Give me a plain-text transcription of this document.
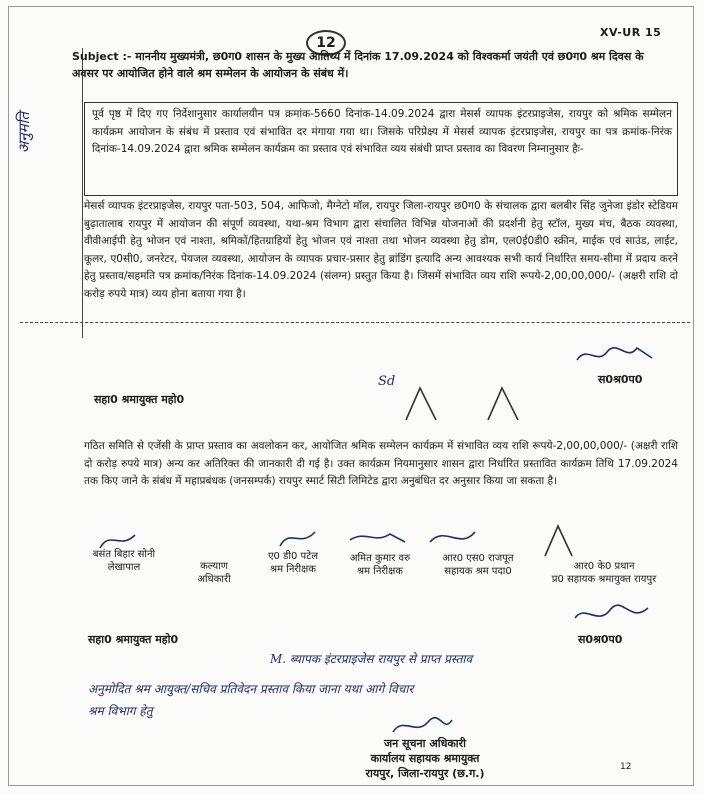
XV-UR 15
12
Subject :- माननीय मुख्यमंत्री, छ0ग0 शासन के मुख्य आतिथ्य में दिनांक 17.09.2024 को विश्वकर्मा जयंती एवं छ0ग0 श्रम दिवस के अवसर पर आयोजित होने वाले श्रम सम्मेलन के आयोजन के संबंध में।
अनुमति	पूर्व पृष्ठ में दिए गए निर्देशानुसार कार्यालयीन पत्र क्रमांक-5660 दिनांक-14.09.2024 द्वारा मेसर्स व्यापक इंटरप्राइजेस, रायपुर को श्रमिक सम्मेलन कार्यक्रम आयोजन के संबंध में प्रस्ताव एवं संभावित दर मंगाया गया था। जिसके परिप्रेक्ष्य में मेसर्स व्यापक इंटरप्राइजेस, रायपुर का पत्र क्रमांक-निरंक दिनांक-14.09.2024 द्वारा श्रमिक सम्मेलन कार्यक्रम का प्रस्ताव एवं संभावित व्यय संबंधी प्राप्त प्रस्ताव का विवरण निम्नानुसार हैः-
मेसर्स व्यापक इंटरप्राइजेस, रायपुर पता-503, 504, आफिजो, मैग्नेटो मॉल, रायपुर जिला-रायपुर छ0ग0 के संचालक द्वारा बलबीर सिंह जुनेजा इंडोर स्टेडियम बुढ़ातालाब रायपुर में आयोजन की संपूर्ण व्यवस्था, यथा-श्रम विभाग द्वारा संचालित विभिन्न योजनाओं की प्रदर्शनी हेतु स्टॉल, मुख्य मंच, बैठक व्यवस्था, वीवीआईपी हेतु भोजन एवं नाश्ता, श्रमिकों/हितग्राहियों हेतु भोजन एवं नाश्ता तथा भोजन व्यवस्था हेतु डोम, एल0ई0डी0 स्क्रीन, माईक एवं साउंड, लाईट, कूलर, ए0सी0, जनरेटर, पेयजल व्यवस्था, आयोजन के व्यापक प्रचार-प्रसार हेतु ब्रांडिंग इत्यादि अन्य आवश्यक सभी कार्य निर्धारित समय-सीमा में प्रदाय करने हेतु प्रस्ताव/सहमति पत्र क्रमांक/निरंक दिनांक-14.09.2024 (संलग्न) प्रस्तुत किया है। जिसमें संभावित व्यय राशि रूपये-2,00,00,000/- (अक्षरी राशि दो करोड़ रुपये मात्र) व्यय होना बताया गया है।
Sd	स0श्र0प0
सहा0 श्रमायुक्त महो0
गठित समिति से एजेंसी के प्राप्त प्रस्ताव का अवलोकन कर, आयोजित श्रमिक सम्मेलन कार्यक्रम में संभावित व्यय राशि रूपये-2,00,00,000/- (अक्षरी राशि दो करोड़ रुपये मात्र) अन्य कर अतिरिक्त की जानकारी दी गई है। उक्त कार्यक्रम नियमानुसार शासन द्वारा निर्धारित प्रस्तावित कार्यक्रम तिथि 17.09.2024 तक किए जाने के संबंध में महाप्रबंधक (जनसम्पर्क) रायपुर स्मार्ट सिटी लिमिटेड द्वारा अनुबंधित दर अनुसार किया जा सकता है।
बसंत बिहार सोनी
लेखापाल	कल्याण
अधिकारी
ए0 डी0 पटेल
श्रम निरीक्षक
अमित कुमार वरु
श्रम निरीक्षक
आर0 एस0 राजपूत
सहायक श्रम पदा0	आर0 के0 प्रधान
प्र0 सहायक श्रमायुक्त रायपुर
सहा0 श्रमायुक्त महो0	स0श्र0प0
M. ब्यापक इंटरप्राइजेस रायपुर से प्राप्त प्रस्ताव
अनुमोदित श्रम आयुक्त/सचिव प्रतिवेदन प्रस्ताव किया जाना यथा आगे विचार
श्रम विभाग हेतु
जन सूचना अधिकारी
कार्यालय सहायक श्रमायुक्त
रायपुर, जिला-रायपुर (छ.ग.)	12
